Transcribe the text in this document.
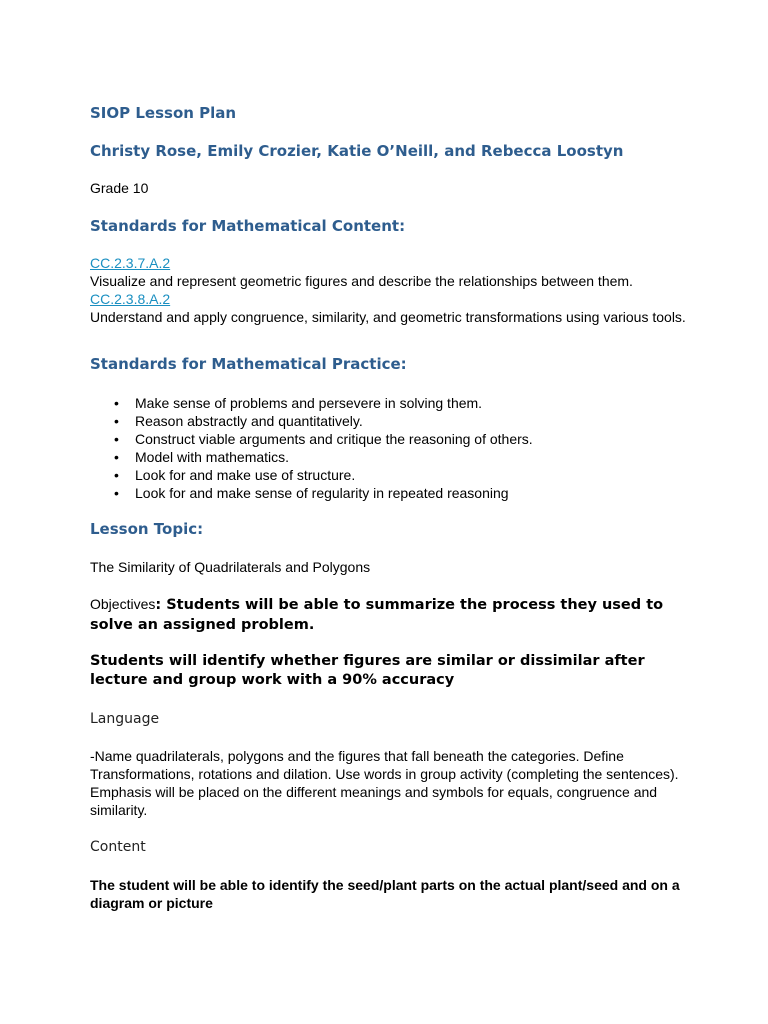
SIOP Lesson Plan
Christy Rose, Emily Crozier, Katie O’Neill, and Rebecca Loostyn

Grade 10

Standards for Mathematical Content:
CC.2.3.7.A.2
Visualize and represent geometric figures and describe the relationships between them.
CC.2.3.8.A.2
Understand and apply congruence, similarity, and geometric transformations using various tools.
Standards for Mathematical Practice:
• Make sense of problems and persevere in solving them.
• Reason abstractly and quantitatively.
• Construct viable arguments and critique the reasoning of others.
• Model with mathematics.
• Look for and make use of structure.
• Look for and make sense of regularity in repeated reasoning
Lesson Topic:

The Similarity of Quadrilaterals and Polygons

Objectives: Students will be able to summarize the process they used to solve an assigned problem.

Students will identify whether figures are similar or dissimilar after lecture and group work with a 90% accuracy

Language

-Name quadrilaterals, polygons and the figures that fall beneath the categories. Define Transformations, rotations and dilation. Use words in group activity (completing the sentences). Emphasis will be placed on the different meanings and symbols for equals, congruence and similarity.

Content

The student will be able to identify the seed/plant parts on the actual plant/seed and on a diagram or picture
